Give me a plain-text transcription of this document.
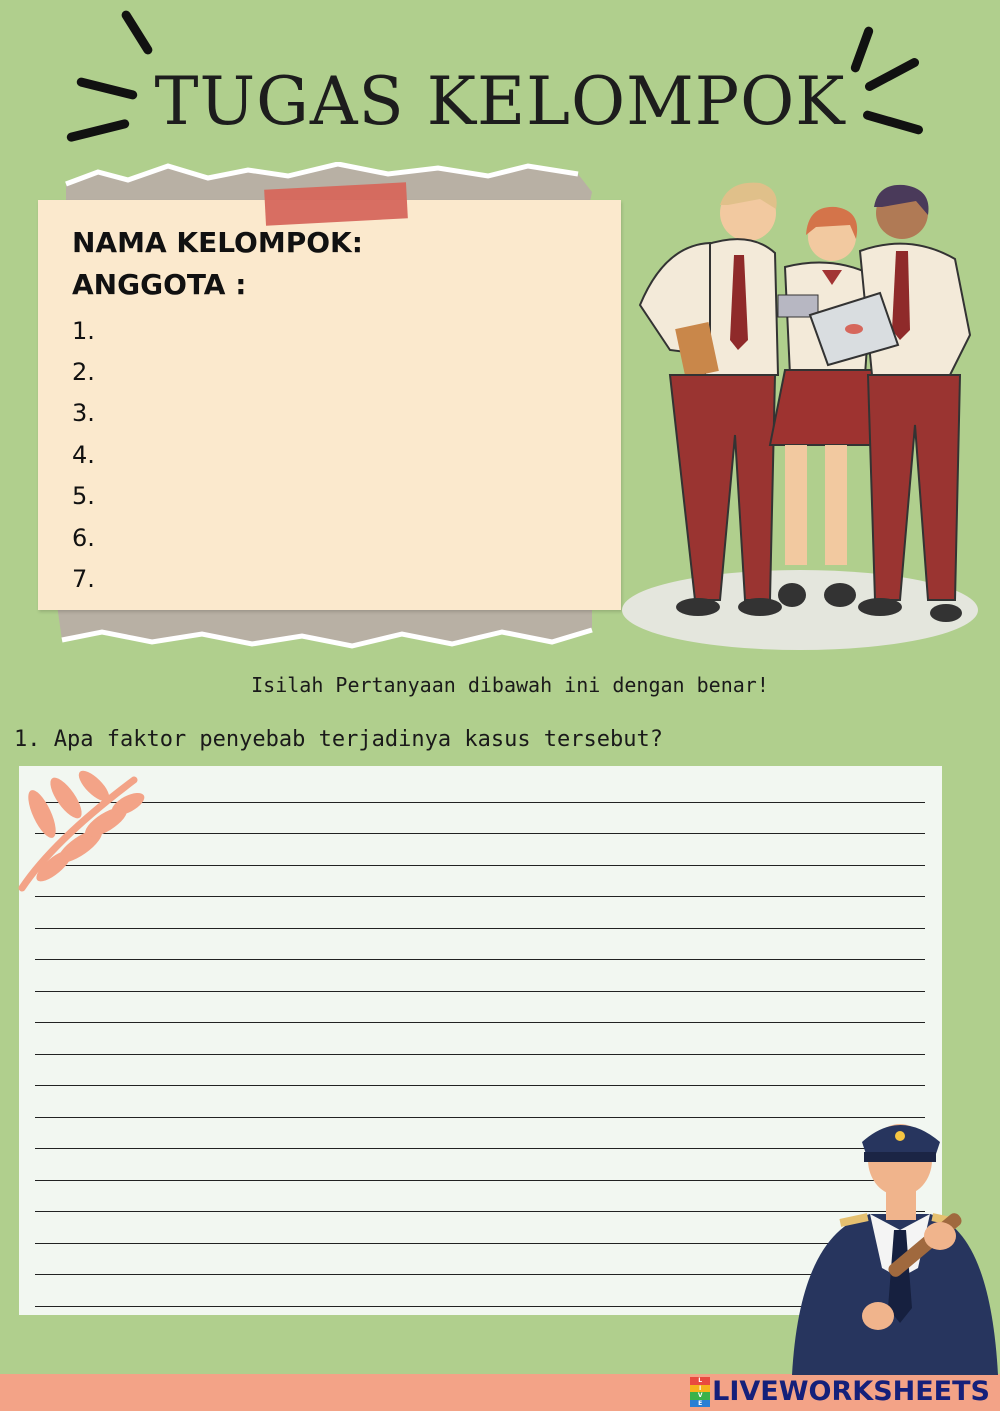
TUGAS KELOMPOK
NAMA KELOMPOK:
ANGGOTA :
1.
2.
3.
4.
5.
6.
7.
Isilah Pertanyaan dibawah ini dengan benar!
1. Apa faktor penyebab terjadinya kasus tersebut?
L
I
V
E LIVEWORKSHEETS
